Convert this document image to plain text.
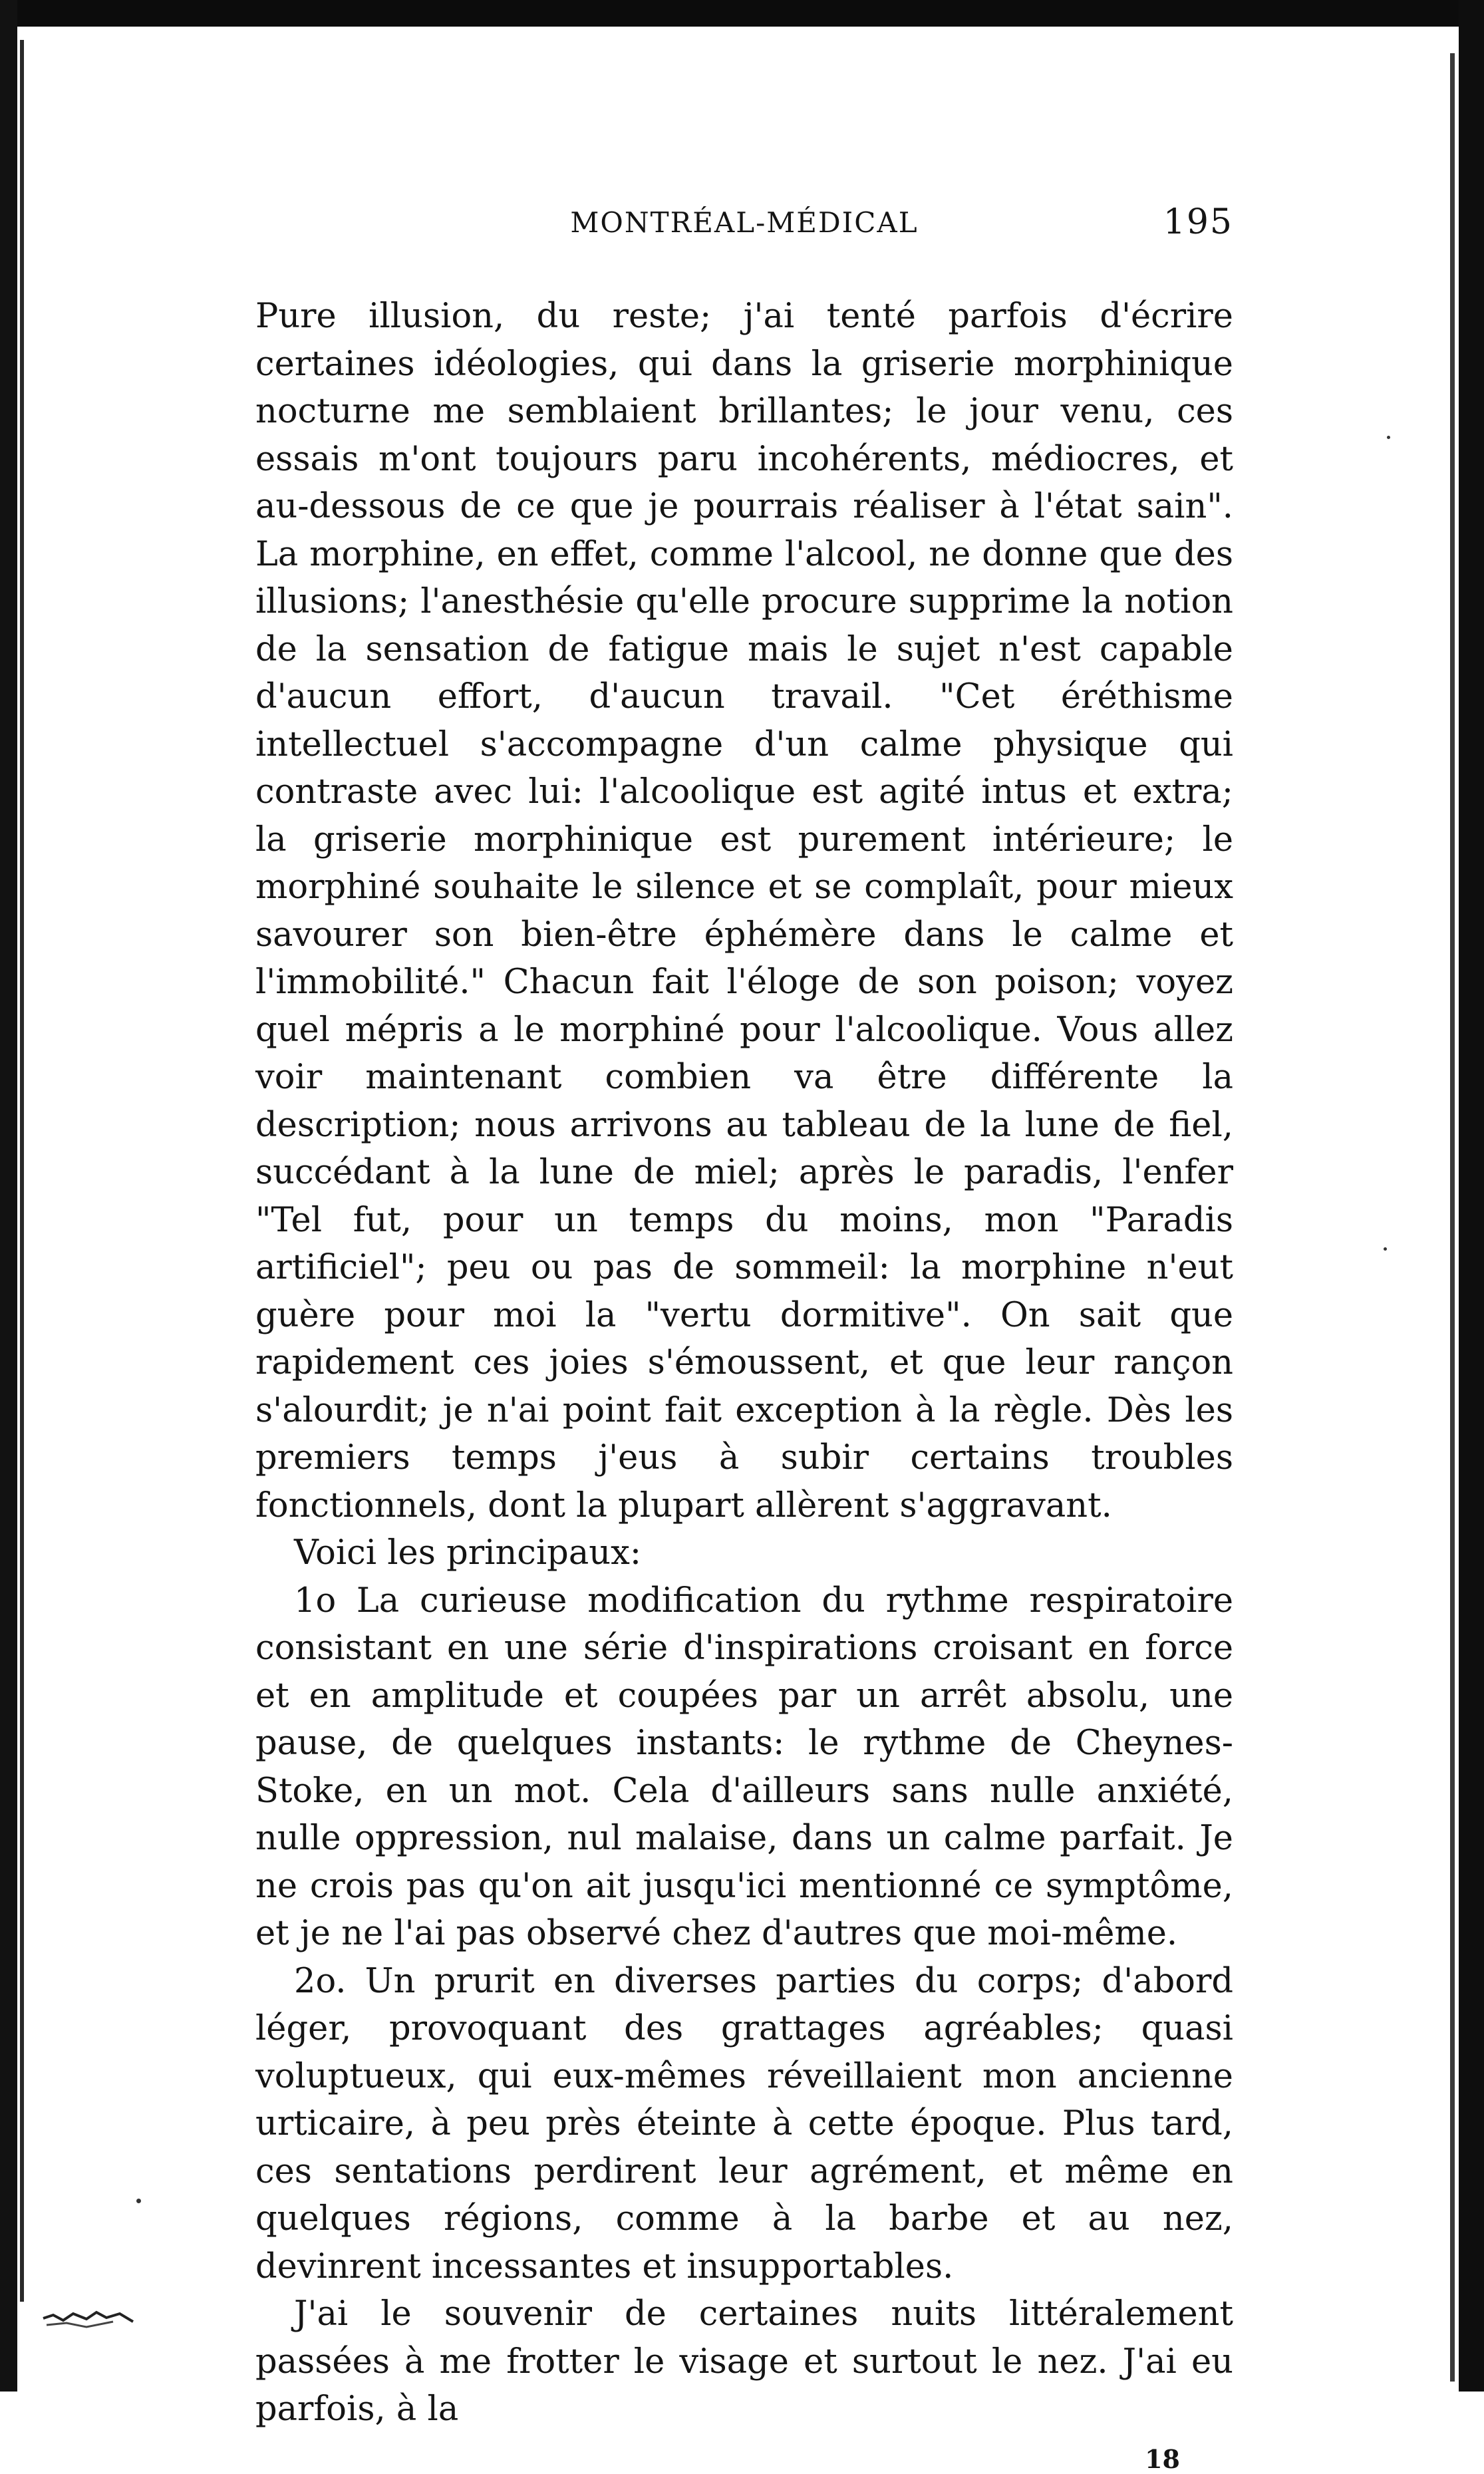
MONTRÉAL-MÉDICAL	195

Pure illusion, du reste; j'ai tenté parfois d'écrire certaines idéologies, qui dans la griserie morphinique nocturne me semblaient brillantes; le jour venu, ces essais m'ont toujours paru incohérents, médiocres, et au-dessous de ce que je pourrais réaliser à l'état sain". La morphine, en effet, comme l'alcool, ne donne que des illusions; l'anesthésie qu'elle procure supprime la notion de la sensation de fatigue mais le sujet n'est capable d'aucun effort, d'aucun travail. "Cet éréthisme intellectuel s'accompagne d'un calme physique qui contraste avec lui: l'alcoolique est agité intus et extra; la griserie morphinique est purement intérieure; le morphiné souhaite le silence et se complaît, pour mieux savourer son bien-être éphémère dans le calme et l'immobilité." Chacun fait l'éloge de son poison; voyez quel mépris a le morphiné pour l'alcoolique. Vous allez voir maintenant combien va être différente la description; nous arrivons au tableau de la lune de fiel, succédant à la lune de miel; après le paradis, l'enfer "Tel fut, pour un temps du moins, mon "Paradis artificiel"; peu ou pas de sommeil: la morphine n'eut guère pour moi la "vertu dormitive". On sait que rapidement ces joies s'émoussent, et que leur rançon s'alourdit; je n'ai point fait exception à la règle. Dès les premiers temps j'eus à subir certains troubles fonctionnels, dont la plupart allèrent s'aggravant.

Voici les principaux:

1o La curieuse modification du rythme respiratoire consistant en une série d'inspirations croisant en force et en amplitude et coupées par un arrêt absolu, une pause, de quelques instants: le rythme de Cheynes-Stoke, en un mot. Cela d'ailleurs sans nulle anxiété, nulle oppression, nul malaise, dans un calme parfait. Je ne crois pas qu'on ait jusqu'ici mentionné ce symptôme, et je ne l'ai pas observé chez d'autres que moi-même.

2o. Un prurit en diverses parties du corps; d'abord léger, provoquant des grattages agréables; quasi voluptueux, qui eux-mêmes réveillaient mon ancienne urticaire, à peu près éteinte à cette époque. Plus tard, ces sentations perdirent leur agrément, et même en quelques régions, comme à la barbe et au nez, devinrent incessantes et insupportables.

J'ai le souvenir de certaines nuits littéralement passées à me frotter le visage et surtout le nez. J'ai eu parfois, à la

18
